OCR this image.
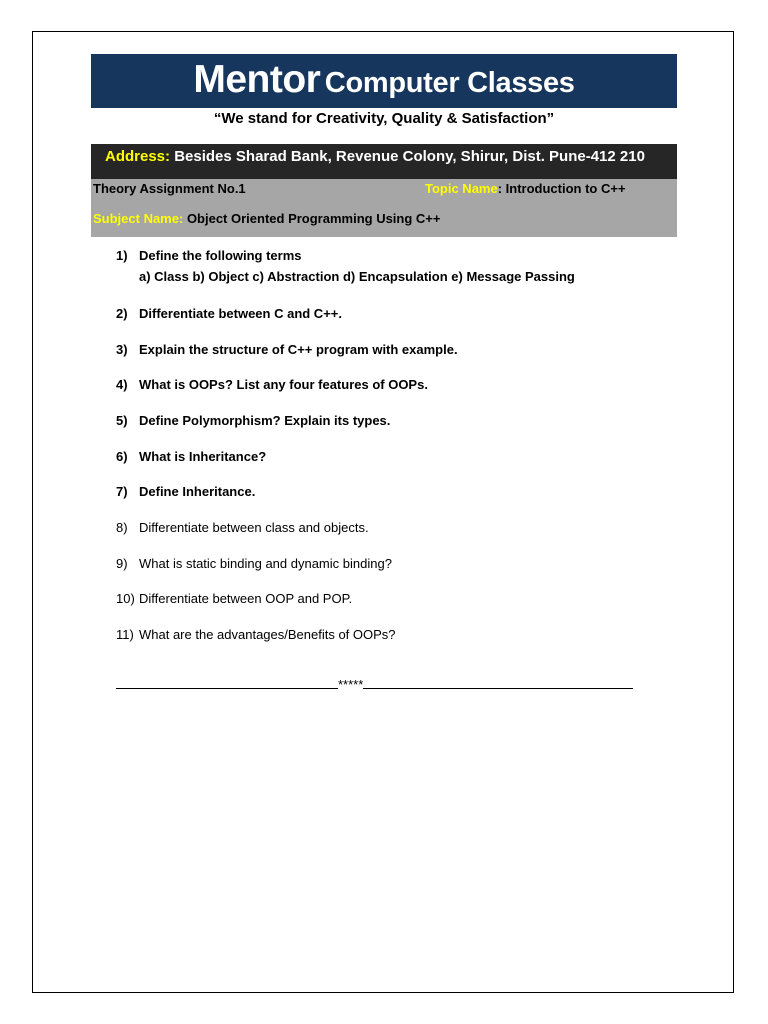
Mentor Computer Classes
“We stand for Creativity, Quality & Satisfaction”
Address: Besides Sharad Bank, Revenue Colony, Shirur, Dist. Pune-412 210
Theory Assignment No.1	Topic Name: Introduction to C++
Subject Name: Object Oriented Programming Using C++
1) Define the following terms
a) Class b) Object c) Abstraction d) Encapsulation e) Message Passing
2) Differentiate between C and C++.
3) Explain the structure of C++ program with example.
4) What is OOPs? List any four features of OOPs.
5) Define Polymorphism? Explain its types.
6) What is Inheritance?
7) Define Inheritance.
8) Differentiate between class and objects.
9) What is static binding and dynamic binding?
10) Differentiate between OOP and POP.
11) What are the advantages/Benefits of OOPs?
*****
